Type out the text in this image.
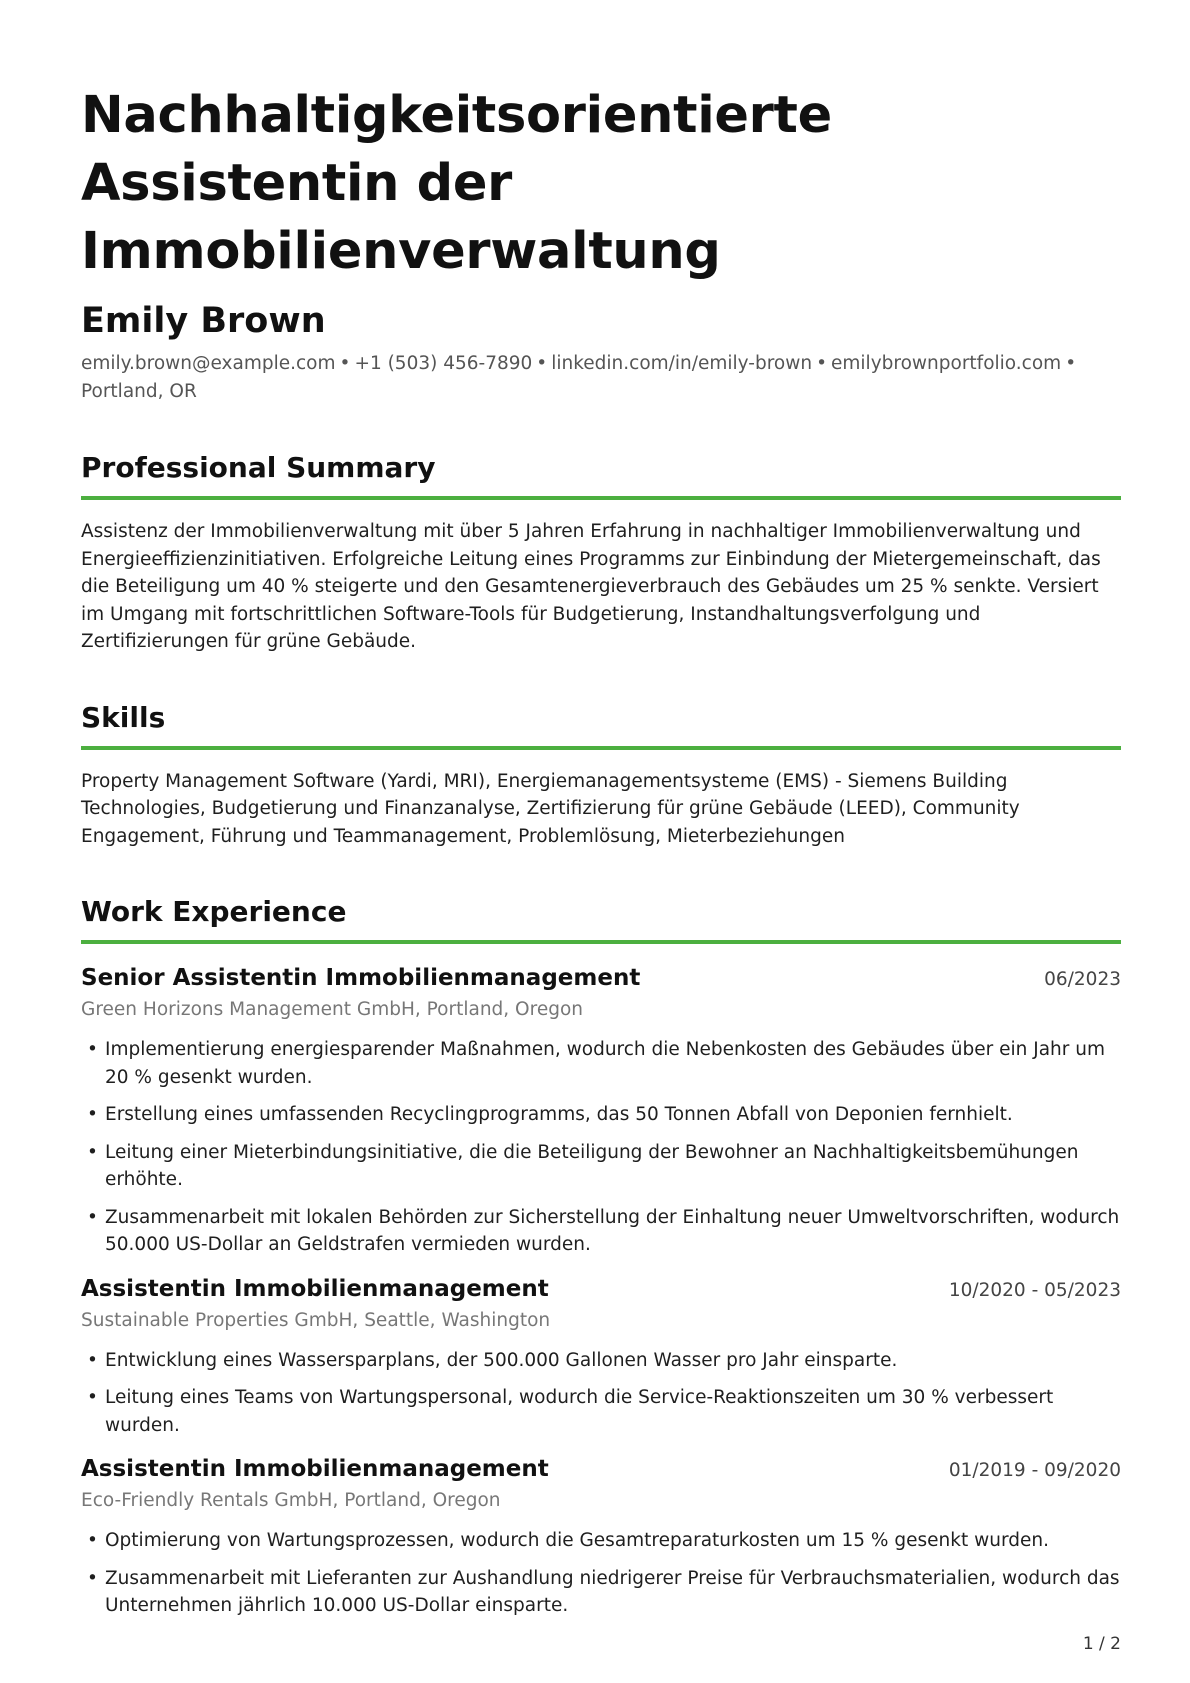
Nachhaltigkeitsorientierte Assistentin der Immobilienverwaltung
Emily Brown
emily.brown@example.com • +1 (503) 456-7890 • linkedin.com/in/emily-brown • emilybrownportfolio.com •
Portland, OR
Professional Summary

Assistenz der Immobilienverwaltung mit über 5 Jahren Erfahrung in nachhaltiger Immobilienverwaltung und Energieeffizienzinitiativen. Erfolgreiche Leitung eines Programms zur Einbindung der Mietergemeinschaft, das die Beteiligung um 40 % steigerte und den Gesamtenergieverbrauch des Gebäudes um 25 % senkte. Versiert im Umgang mit fortschrittlichen Software-Tools für Budgetierung, Instandhaltungsverfolgung und Zertifizierungen für grüne Gebäude.

Skills

Property Management Software (Yardi, MRI), Energiemanagementsysteme (EMS) - Siemens Building Technologies, Budgetierung und Finanzanalyse, Zertifizierung für grüne Gebäude (LEED), Community Engagement, Führung und Teammanagement, Problemlösung, Mieterbeziehungen

Work Experience
Senior Assistentin Immobilienmanagement	06/2023
Green Horizons Management GmbH, Portland, Oregon
• Implementierung energiesparender Maßnahmen, wodurch die Nebenkosten des Gebäudes über ein Jahr um 20 % gesenkt wurden.
• Erstellung eines umfassenden Recyclingprogramms, das 50 Tonnen Abfall von Deponien fernhielt.
• Leitung einer Mieterbindungsinitiative, die die Beteiligung der Bewohner an Nachhaltigkeitsbemühungen erhöhte.
• Zusammenarbeit mit lokalen Behörden zur Sicherstellung der Einhaltung neuer Umweltvorschriften, wodurch 50.000 US-Dollar an Geldstrafen vermieden wurden.
Assistentin Immobilienmanagement	10/2020 - 05/2023
Sustainable Properties GmbH, Seattle, Washington
• Entwicklung eines Wassersparplans, der 500.000 Gallonen Wasser pro Jahr einsparte.
• Leitung eines Teams von Wartungspersonal, wodurch die Service-Reaktionszeiten um 30 % verbessert wurden.
Assistentin Immobilienmanagement	01/2019 - 09/2020
Eco-Friendly Rentals GmbH, Portland, Oregon
• Optimierung von Wartungsprozessen, wodurch die Gesamtreparaturkosten um 15 % gesenkt wurden.
• Zusammenarbeit mit Lieferanten zur Aushandlung niedrigerer Preise für Verbrauchsmaterialien, wodurch das Unternehmen jährlich 10.000 US-Dollar einsparte.
1 / 2
